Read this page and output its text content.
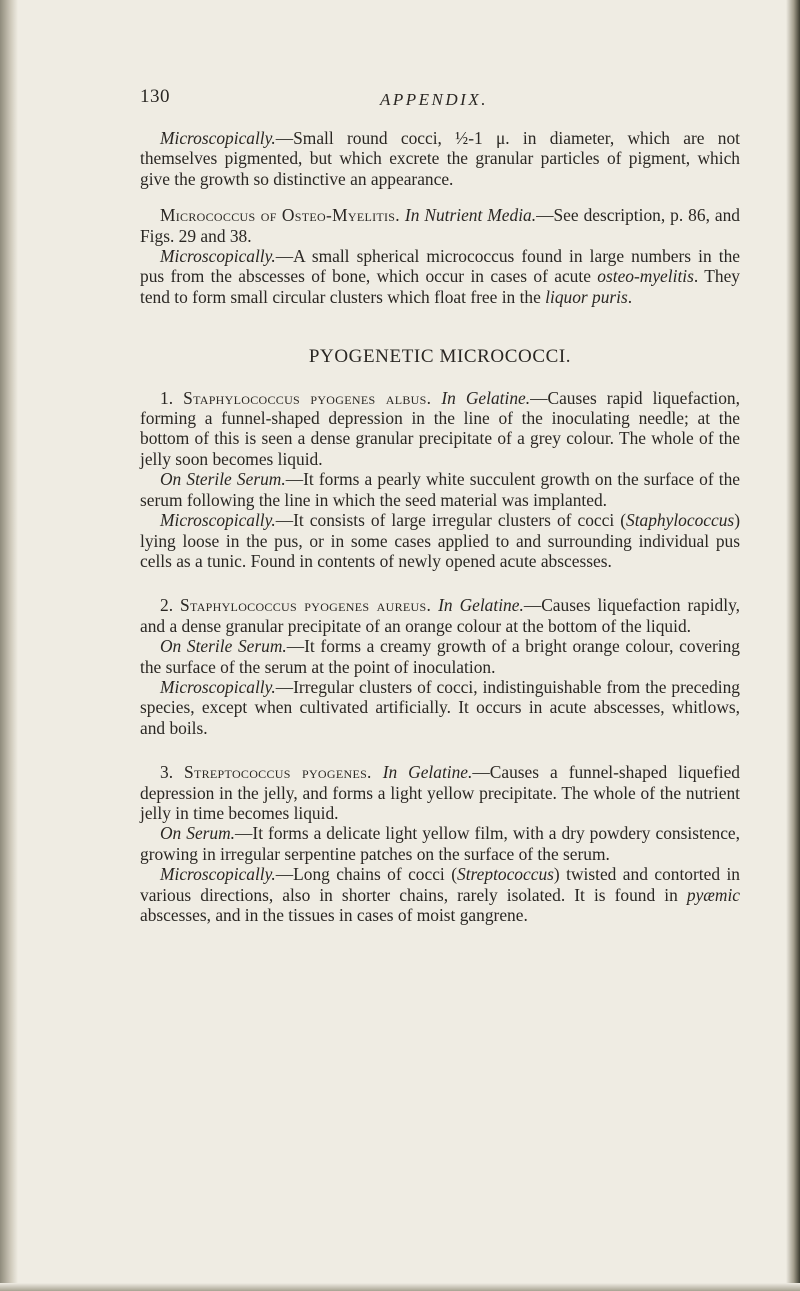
130	APPENDIX.

Microscopically.—Small round cocci, ½-1 μ. in diameter, which are not themselves pigmented, but which excrete the granular particles of pigment, which give the growth so distinctive an appearance.

Micrococcus of Osteo-Myelitis. In Nutrient Media.—See description, p. 86, and Figs. 29 and 38.

Microscopically.—A small spherical micrococcus found in large numbers in the pus from the abscesses of bone, which occur in cases of acute osteo-myelitis. They tend to form small circular clusters which float free in the liquor puris.

PYOGENETIC MICROCOCCI.

1. Staphylococcus pyogenes albus. In Gelatine.—Causes rapid liquefaction, forming a funnel-shaped depression in the line of the inoculating needle; at the bottom of this is seen a dense granular precipitate of a grey colour. The whole of the jelly soon becomes liquid.

On Sterile Serum.—It forms a pearly white succulent growth on the surface of the serum following the line in which the seed material was implanted.

Microscopically.—It consists of large irregular clusters of cocci (Staphylococcus) lying loose in the pus, or in some cases applied to and surrounding individual pus cells as a tunic. Found in contents of newly opened acute abscesses.

2. Staphylococcus pyogenes aureus. In Gelatine.—Causes liquefaction rapidly, and a dense granular precipitate of an orange colour at the bottom of the liquid.

On Sterile Serum.—It forms a creamy growth of a bright orange colour, covering the surface of the serum at the point of inoculation.

Microscopically.—Irregular clusters of cocci, indistinguishable from the preceding species, except when cultivated artificially. It occurs in acute abscesses, whitlows, and boils.

3. Streptococcus pyogenes. In Gelatine.—Causes a funnel-shaped liquefied depression in the jelly, and forms a light yellow precipitate. The whole of the nutrient jelly in time becomes liquid.

On Serum.—It forms a delicate light yellow film, with a dry powdery consistence, growing in irregular serpentine patches on the surface of the serum.

Microscopically.—Long chains of cocci (Streptococcus) twisted and contorted in various directions, also in shorter chains, rarely isolated. It is found in pyæmic abscesses, and in the tissues in cases of moist gangrene.
